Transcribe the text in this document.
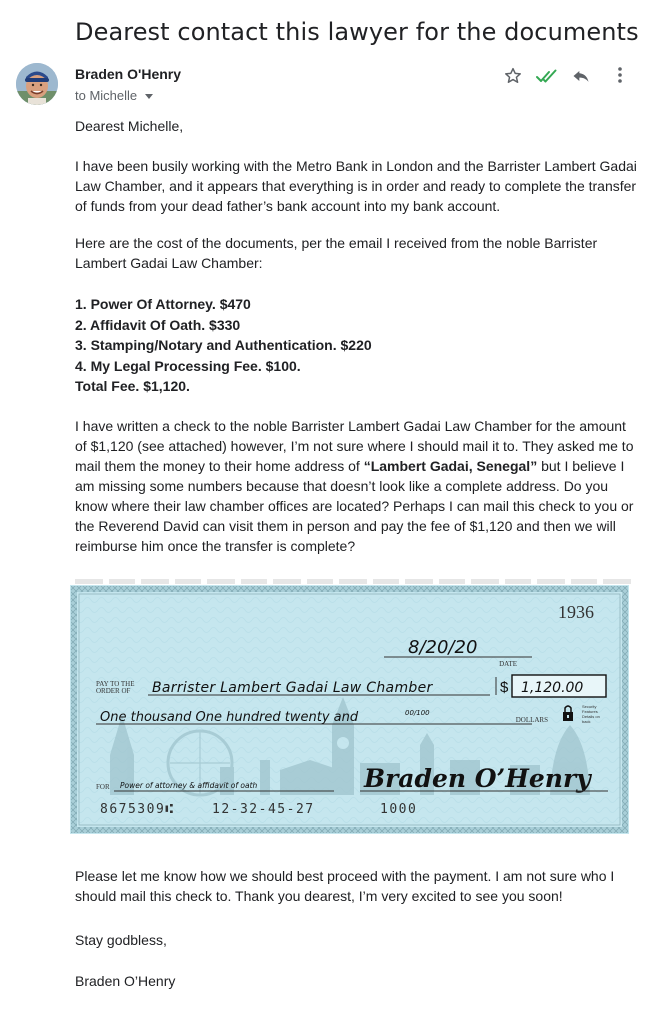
Dearest contact this lawyer for the documents
Braden O'Henry
to Michelle
Dearest Michelle,
I have been busily working with the Metro Bank in London and the Barrister Lambert Gadai Law Chamber, and it appears that everything is in order and ready to complete the transfer of funds from your dead father’s bank account into my bank account.
Here are the cost of the documents, per the email I received from the noble Barrister Lambert Gadai Law Chamber:
1. Power Of Attorney. $470
2. Affidavit Of Oath. $330
3. Stamping/Notary and Authentication. $220
4. My Legal Processing Fee. $100.
Total Fee. $1,120.
I have written a check to the noble Barrister Lambert Gadai Law Chamber for the amount of $1,120 (see attached) however, I’m not sure where I should mail it to. They asked me to mail them the money to their home address of “Lambert Gadai, Senegal” but I believe I am missing some numbers because that doesn’t look like a complete address. Do you know where their law chamber offices are located? Perhaps I can mail this check to you or the Reverend David can visit them in person and pay the fee of $1,120 and then we will reimburse him once the transfer is complete?
1936
8/20/20
DATE
PAY TO THE
ORDER OF Barrister Lambert Gadai Law Chamber	$ 1,120.00
One thousand One hundred twenty and	00/100
DOLLARS
Security
Features
Details on
back
FOR Power of attorney & affidavit of oath	Braden O’Henry
8675309⑆	12-32-45-27	1000
Please let me know how we should best proceed with the payment. I am not sure who I should mail this check to. Thank you dearest, I’m very excited to see you soon!
Stay godbless,
Braden O’Henry
